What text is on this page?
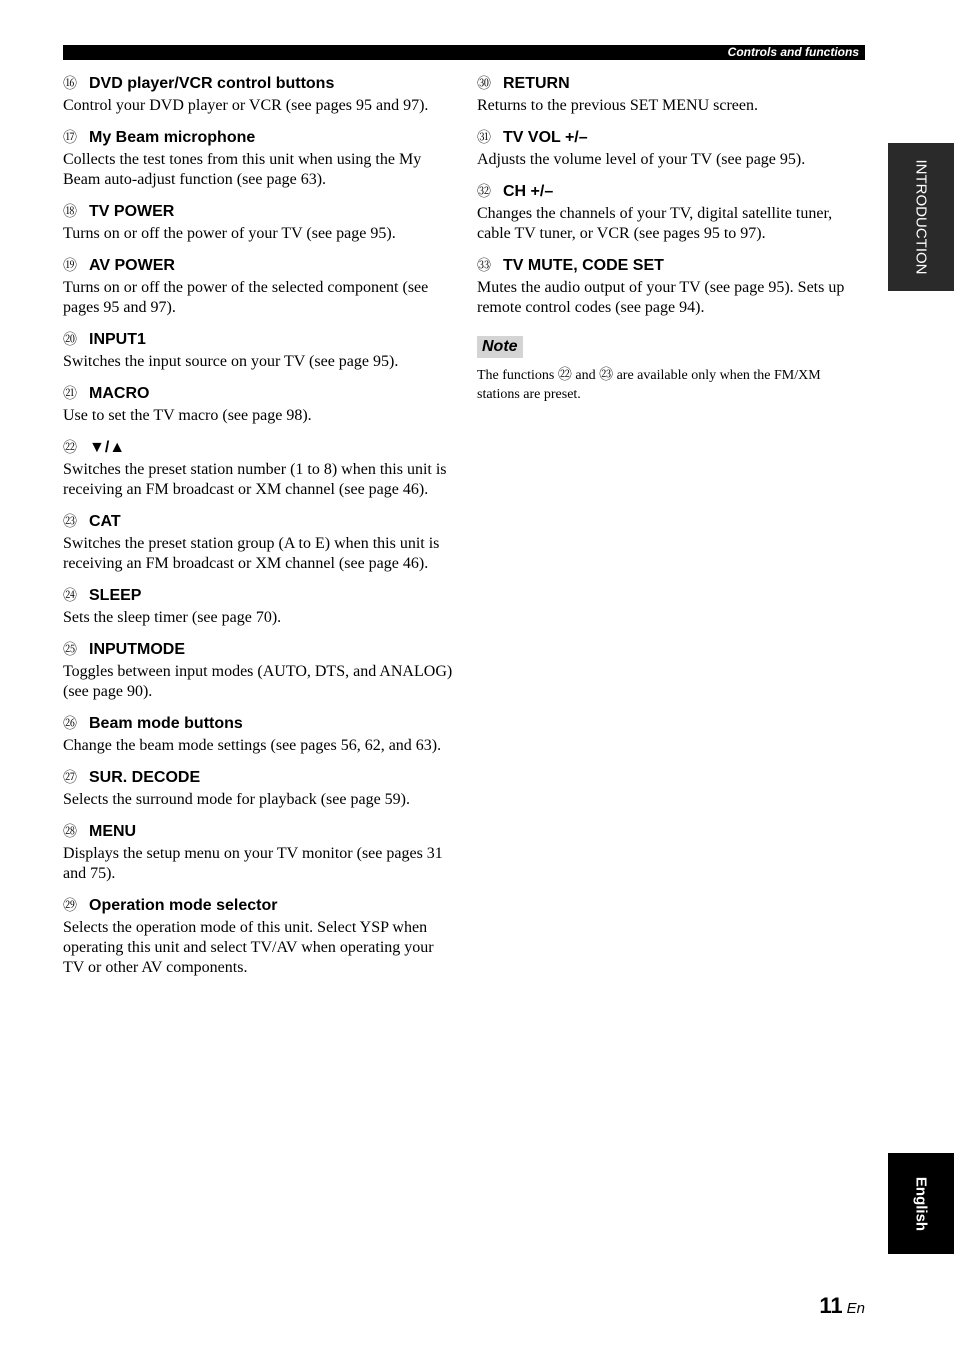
Controls and functions
⑯ DVD player/VCR control buttons
Control your DVD player or VCR (see pages 95 and 97).
⑰ My Beam microphone
Collects the test tones from this unit when using the My Beam auto-adjust function (see page 63).
⑱ TV POWER
Turns on or off the power of your TV (see page 95).
⑲ AV POWER
Turns on or off the power of the selected component (see pages 95 and 97).
⑳ INPUT1
Switches the input source on your TV (see page 95).
㉑ MACRO
Use to set the TV macro (see page 98).
㉒ ▼/▲
Switches the preset station number (1 to 8) when this unit is receiving an FM broadcast or XM channel (see page 46).
㉓ CAT
Switches the preset station group (A to E) when this unit is receiving an FM broadcast or XM channel (see page 46).
㉔ SLEEP
Sets the sleep timer (see page 70).
㉕ INPUTMODE
Toggles between input modes (AUTO, DTS, and ANALOG) (see page 90).
㉖ Beam mode buttons
Change the beam mode settings (see pages 56, 62, and 63).
㉗ SUR. DECODE
Selects the surround mode for playback (see page 59).
㉘ MENU
Displays the setup menu on your TV monitor (see pages 31 and 75).
㉙ Operation mode selector
Selects the operation mode of this unit. Select YSP when operating this unit and select TV/AV when operating your TV or other AV components.
㉚ RETURN
Returns to the previous SET MENU screen.
㉛ TV VOL +/–
Adjusts the volume level of your TV (see page 95).
㉜ CH +/–
Changes the channels of your TV, digital satellite tuner, cable TV tuner, or VCR (see pages 95 to 97).
㉝ TV MUTE, CODE SET
Mutes the audio output of your TV (see page 95). Sets up remote control codes (see page 94).
Note
The functions ㉒ and ㉓ are available only when the FM/XM stations are preset.
INTRODUCTION
English
11 En
